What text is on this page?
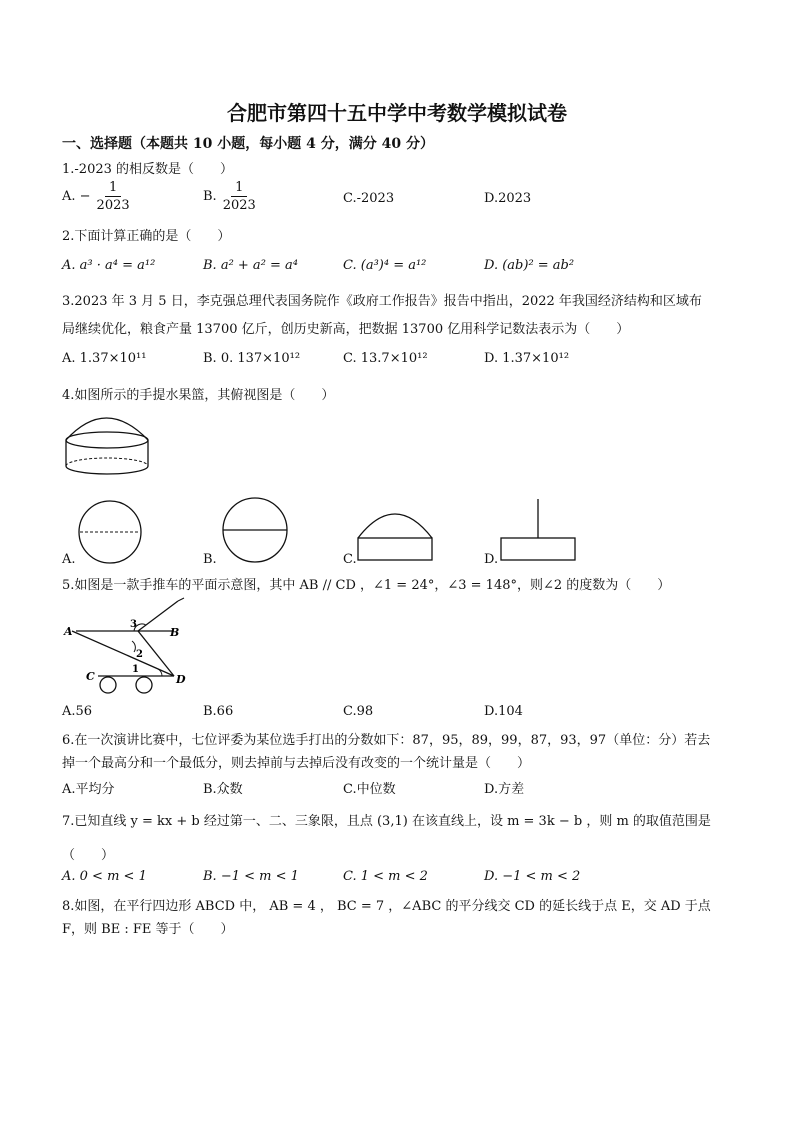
合肥市第四十五中学中考数学模拟试卷
一、选择题（本题共 10 小题，每小题 4 分，满分 40 分）
1.-2023 的相反数是（　　）
A. − $\frac{1}{2023}$	B. $\frac{1}{2023}$	C.-2023	D.2023
2.下面计算正确的是（　　）
A. a³ · a⁴ = a¹²	B. a² + a² = a⁴	C. (a³)⁴ = a¹²	D. (ab)² = ab²
3.2023 年 3 月 5 日，李克强总理代表国务院作《政府工作报告》报告中指出，2022 年我国经济结构和区域布
局继续优化，粮食产量 13700 亿斤，创历史新高，把数据 13700 亿用科学记数法表示为（　　）
A. 1.37×10¹¹	B. 0. 137×10¹²	C. 13.7×10¹²	D. 1.37×10¹²
4.如图所示的手提水果篮，其俯视图是（　　）
A.	B.	C.	D.
5.如图是一款手推车的平面示意图，其中 AB // CD ，∠1 = 24°，∠3 = 148°，则∠2 的度数为（　　）
A	B
C	D
1
2
3
A.56	B.66	C.98	D.104
6.在一次演讲比赛中，七位评委为某位选手打出的分数如下：87，95，89，99，87，93，97（单位：分）若去
掉一个最高分和一个最低分，则去掉前与去掉后没有改变的一个统计量是（　　）
A.平均分	B.众数	C.中位数	D.方差
7.已知直线 y = kx + b 经过第一、二、三象限，且点 (3,1) 在该直线上，设 m = 3k − b ，则 m 的取值范围是
（　　）
A. 0 < m < 1	B. −1 < m < 1	C. 1 < m < 2	D. −1 < m < 2
8.如图，在平行四边形 ABCD 中， AB = 4 ， BC = 7 ，∠ABC 的平分线交 CD 的延长线于点 E，交 AD 于点
F，则 BE : FE 等于（　　）
